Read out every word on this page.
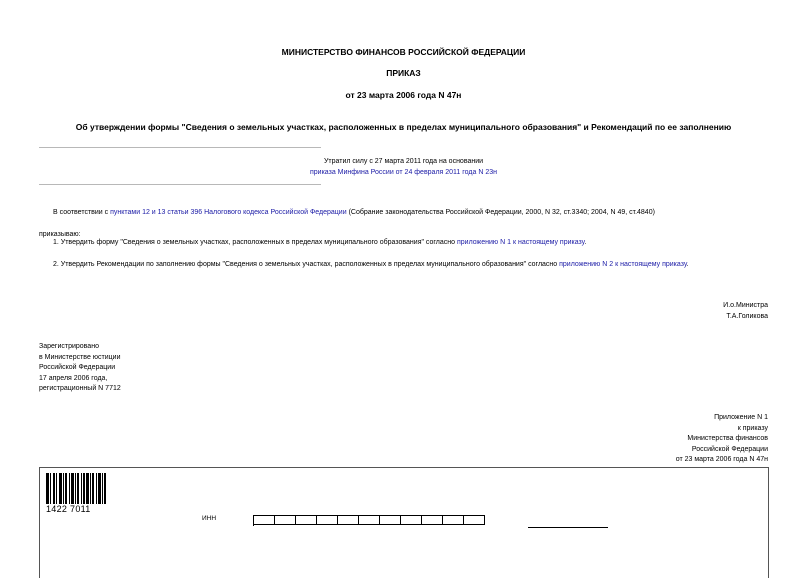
МИНИСТЕРСТВО ФИНАНСОВ РОССИЙСКОЙ ФЕДЕРАЦИИ
ПРИКАЗ
от 23 марта 2006 года N 47н
Об утверждении формы "Сведения о земельных участках, расположенных в пределах муниципального образования" и Рекомендаций по ее заполнению
Утратил силу с 27 марта 2011 года на основании
приказа Минфина России от 24 февраля 2011 года N 23н
В соответствии с пунктами 12 и 13 статьи 396 Налогового кодекса Российской Федерации (Собрание законодательства Российской Федерации, 2000, N 32, ст.3340; 2004, N 49, ст.4840)
приказываю:
1. Утвердить форму "Сведения о земельных участках, расположенных в пределах муниципального образования" согласно приложению N 1 к настоящему приказу.
2. Утвердить Рекомендации по заполнению формы "Сведения о земельных участках, расположенных в пределах муниципального образования" согласно приложению N 2 к настоящему приказу.
И.о.Министра
Т.А.Голикова
Зарегистрировано
в Министерстве юстиции
Российской Федерации
17 апреля 2006 года,
регистрационный N 7712
Приложение N 1
к приказу
Министерства финансов
Российской Федерации
от 23 марта 2006 года N 47н
1422 7011
ИНН
